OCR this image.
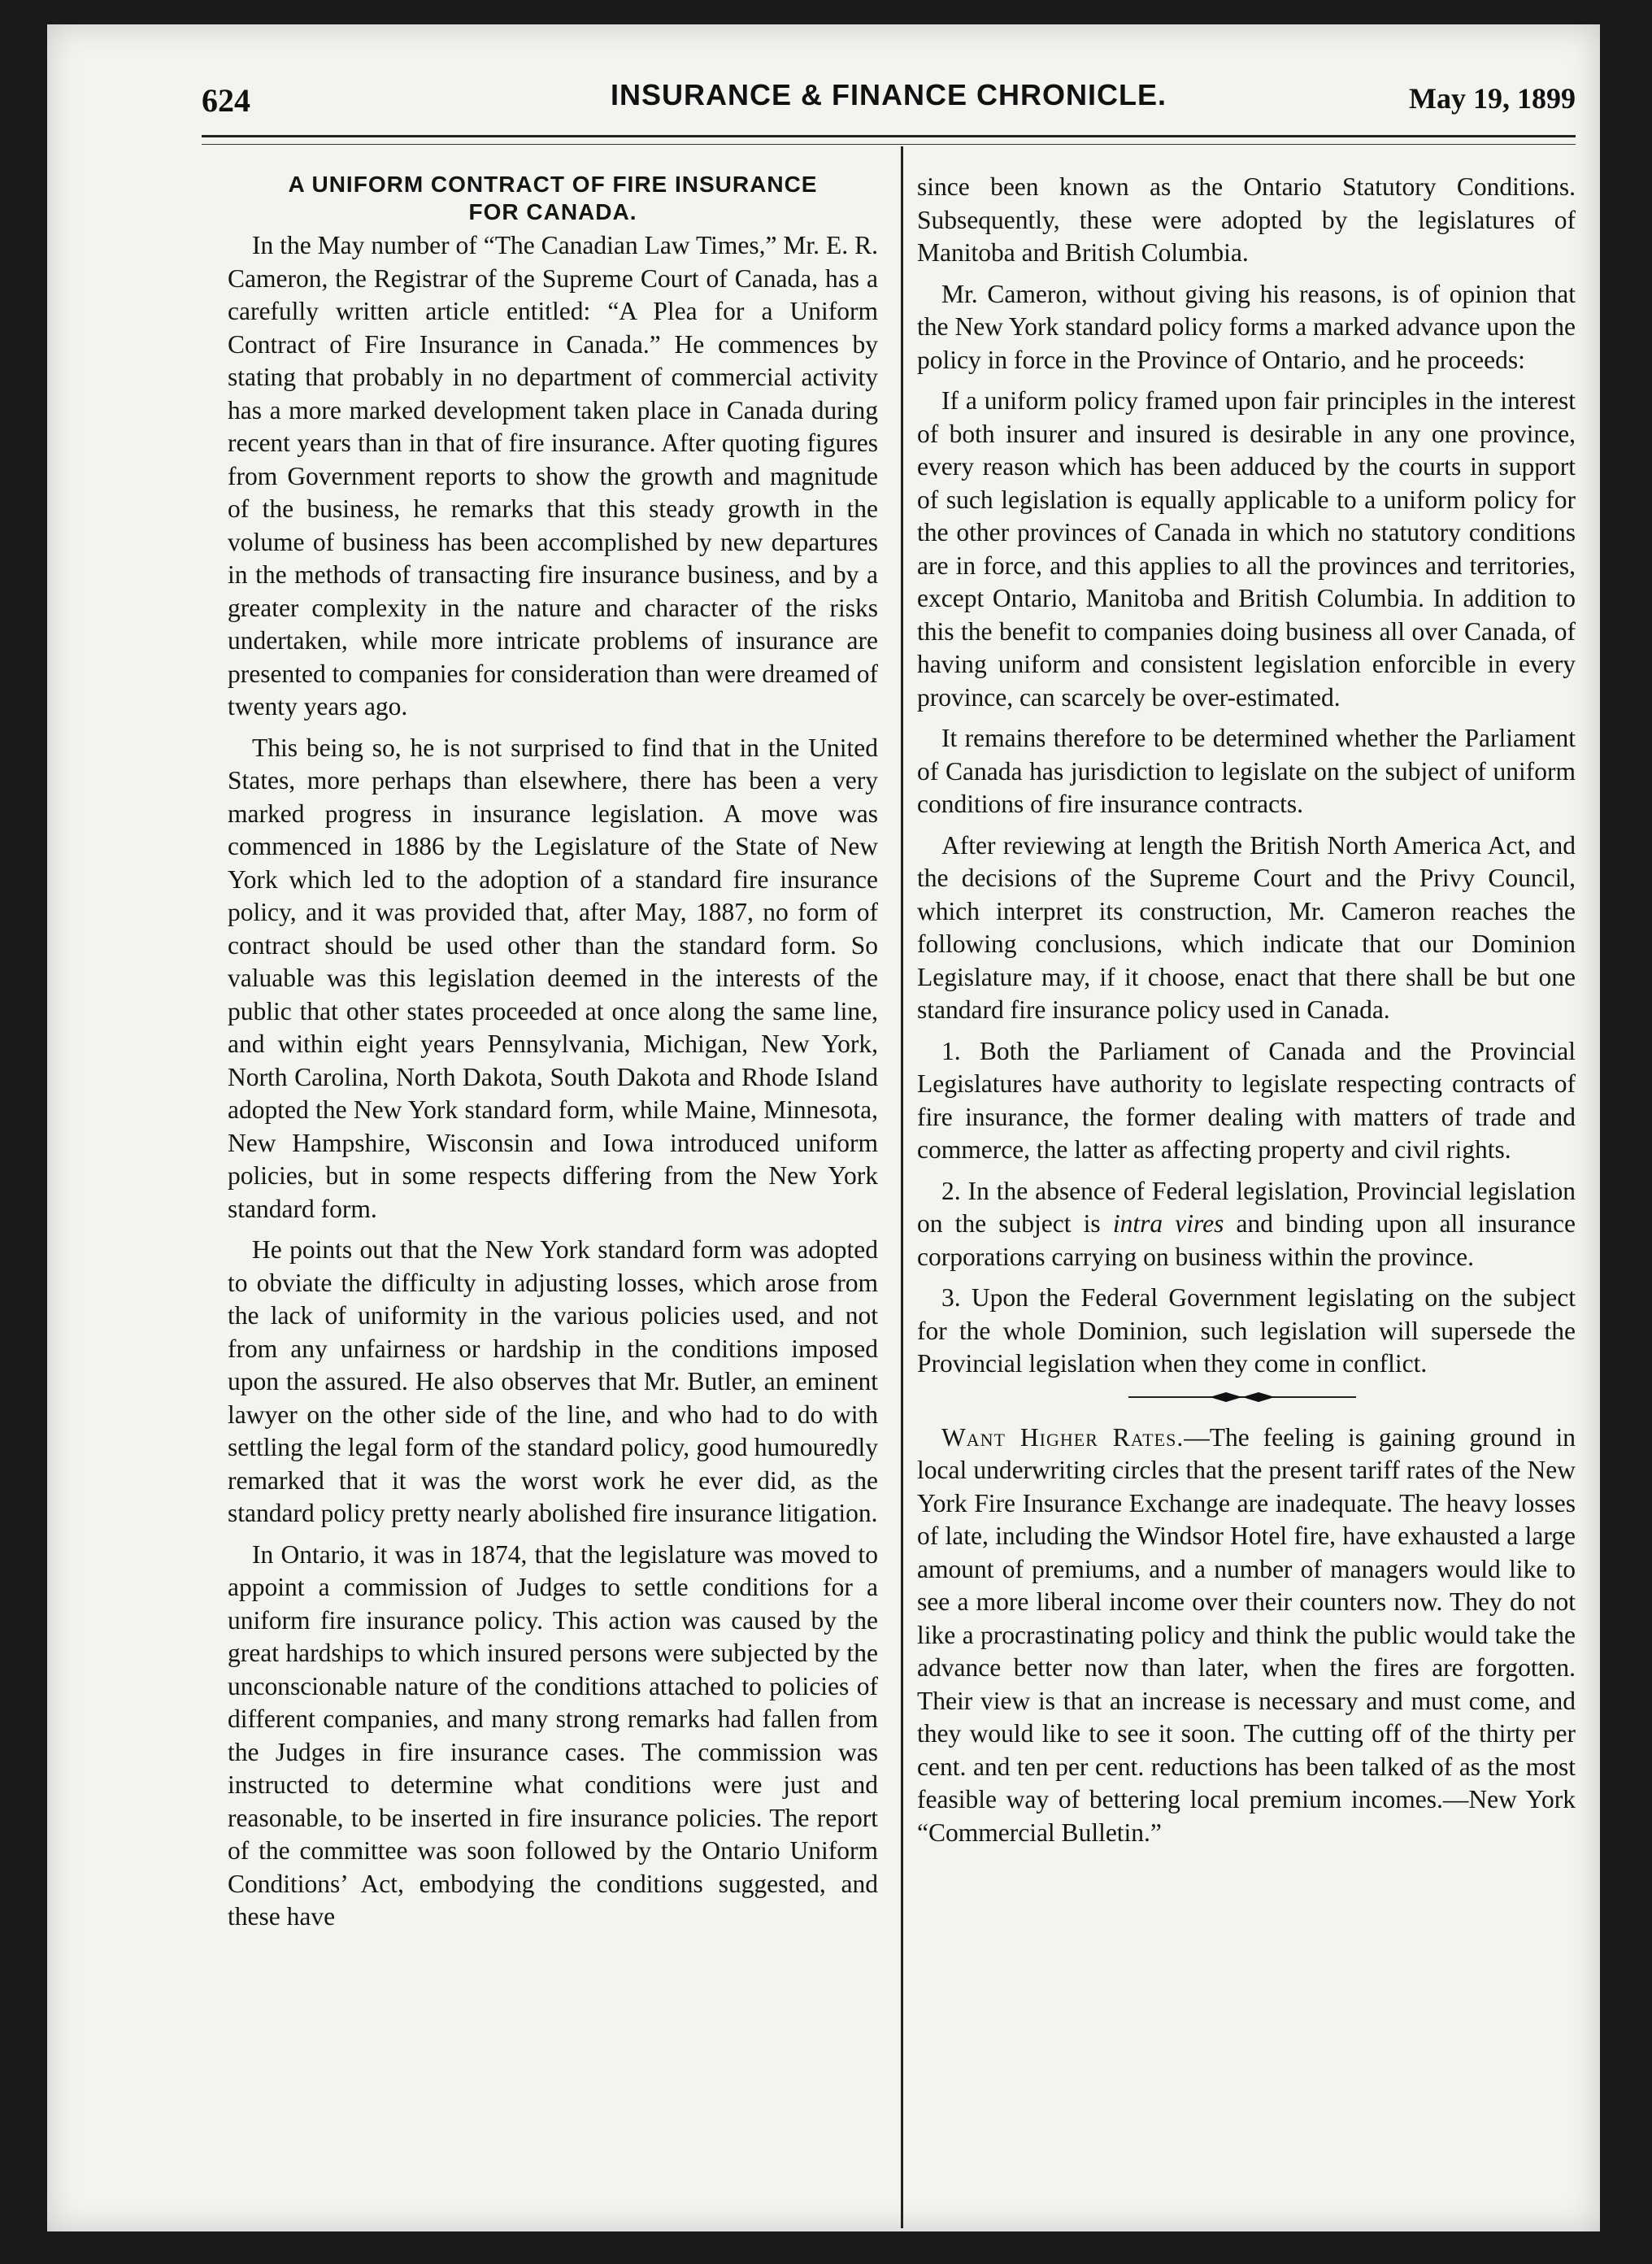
624	INSURANCE & FINANCE CHRONICLE.	May 19, 1899
A UNIFORM CONTRACT OF FIRE INSURANCE
FOR CANADA.

In the May number of “The Canadian Law Times,” Mr. E. R. Cameron, the Registrar of the Supreme Court of Canada, has a carefully written article entitled: “A Plea for a Uniform Contract of Fire Insurance in Canada.” He commences by stating that probably in no department of commercial activity has a more marked development taken place in Canada during recent years than in that of fire insurance. After quoting figures from Government reports to show the growth and magnitude of the business, he remarks that this steady growth in the volume of business has been accomplished by new departures in the methods of transacting fire insurance business, and by a greater complexity in the nature and character of the risks undertaken, while more intricate problems of insurance are presented to companies for consideration than were dreamed of twenty years ago.

This being so, he is not surprised to find that in the United States, more perhaps than elsewhere, there has been a very marked progress in insurance legislation. A move was commenced in 1886 by the Legislature of the State of New York which led to the adoption of a standard fire insurance policy, and it was provided that, after May, 1887, no form of contract should be used other than the standard form. So valuable was this legislation deemed in the interests of the public that other states proceeded at once along the same line, and within eight years Pennsylvania, Michigan, New York, North Carolina, North Dakota, South Dakota and Rhode Island adopted the New York standard form, while Maine, Minnesota, New Hampshire, Wisconsin and Iowa introduced uniform policies, but in some respects differing from the New York standard form.

He points out that the New York standard form was adopted to obviate the difficulty in adjusting losses, which arose from the lack of uniformity in the various policies used, and not from any unfairness or hardship in the conditions imposed upon the assured. He also observes that Mr. Butler, an eminent lawyer on the other side of the line, and who had to do with settling the legal form of the standard policy, good humouredly remarked that it was the worst work he ever did, as the standard policy pretty nearly abolished fire insurance litigation.

In Ontario, it was in 1874, that the legislature was moved to appoint a commission of Judges to settle conditions for a uniform fire insurance policy. This action was caused by the great hardships to which insured persons were subjected by the unconscionable nature of the conditions attached to policies of different companies, and many strong remarks had fallen from the Judges in fire insurance cases. The commission was instructed to determine what conditions were just and reasonable, to be inserted in fire insurance policies. The report of the committee was soon followed by the Ontario Uniform Conditions’ Act, embodying the conditions suggested, and these have

since been known as the Ontario Statutory Conditions. Subsequently, these were adopted by the legislatures of Manitoba and British Columbia.

Mr. Cameron, without giving his reasons, is of opinion that the New York standard policy forms a marked advance upon the policy in force in the Province of Ontario, and he proceeds:

If a uniform policy framed upon fair principles in the interest of both insurer and insured is desirable in any one province, every reason which has been adduced by the courts in support of such legislation is equally applicable to a uniform policy for the other provinces of Canada in which no statutory conditions are in force, and this applies to all the provinces and territories, except Ontario, Manitoba and British Columbia. In addition to this the benefit to companies doing business all over Canada, of having uniform and consistent legislation enforcible in every province, can scarcely be over-estimated.

It remains therefore to be determined whether the Parliament of Canada has jurisdiction to legislate on the subject of uniform conditions of fire insurance contracts.

After reviewing at length the British North America Act, and the decisions of the Supreme Court and the Privy Council, which interpret its construction, Mr. Cameron reaches the following conclusions, which indicate that our Dominion Legislature may, if it choose, enact that there shall be but one standard fire insurance policy used in Canada.

1. Both the Parliament of Canada and the Provincial Legislatures have authority to legislate respecting contracts of fire insurance, the former dealing with matters of trade and commerce, the latter as affecting property and civil rights.

2. In the absence of Federal legislation, Provincial legislation on the subject is intra vires and binding upon all insurance corporations carrying on business within the province.

3. Upon the Federal Government legislating on the subject for the whole Dominion, such legislation will supersede the Provincial legislation when they come in conflict.

Want Higher Rates.—The feeling is gaining ground in local underwriting circles that the present tariff rates of the New York Fire Insurance Exchange are inadequate. The heavy losses of late, including the Windsor Hotel fire, have exhausted a large amount of premiums, and a number of managers would like to see a more liberal income over their counters now. They do not like a procrastinating policy and think the public would take the advance better now than later, when the fires are forgotten. Their view is that an increase is necessary and must come, and they would like to see it soon. The cutting off of the thirty per cent. and ten per cent. reductions has been talked of as the most feasible way of bettering local premium incomes.—New York “Commercial Bulletin.”
